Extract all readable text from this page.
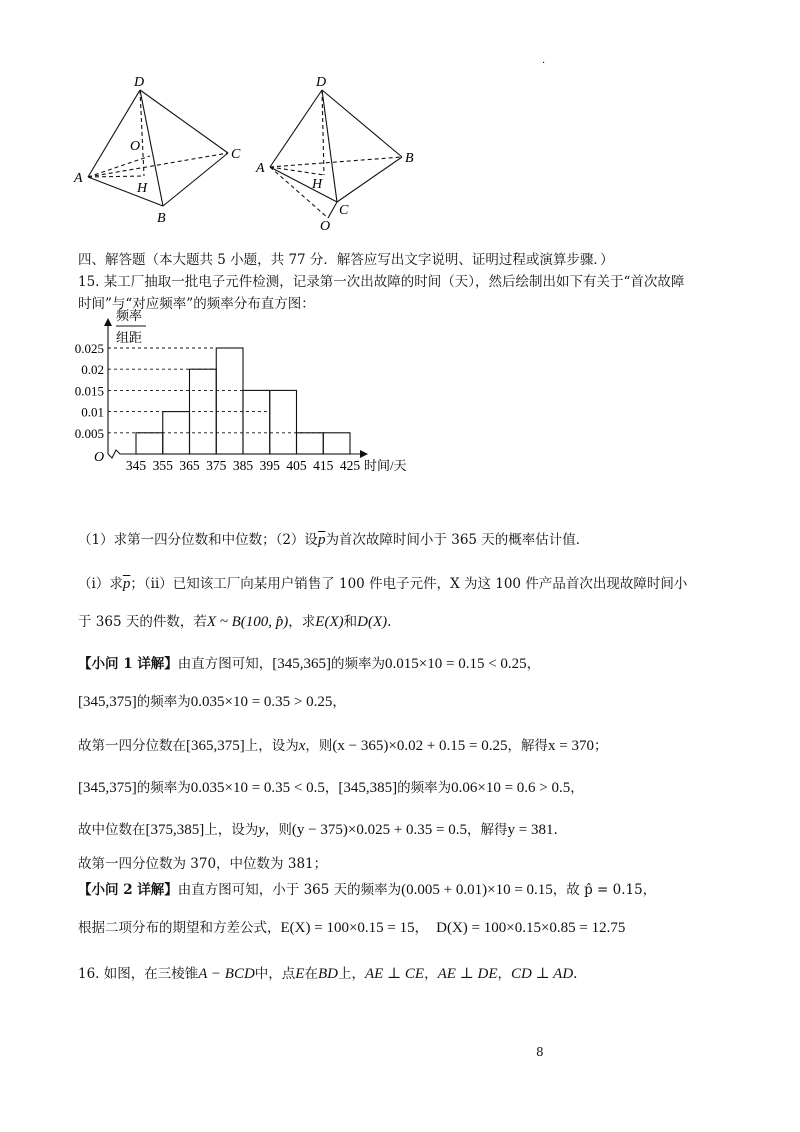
·
D
O
C
A
H
B
D
B
A
H
C
O
四、解答题（本大题共 5 小题，共 77 分．解答应写出文字说明、证明过程或演算步骤．）
15. 某工厂抽取一批电子元件检测，记录第一次出故障的时间（天），然后绘制出如下有关于“首次故障
时间”与“对应频率”的频率分布直方图：
0.025
0.02
0.015
0.01
0.005
345 355 365 375 385 395 405 415 425
频率
组距
O
时间/天
（1）求第一四分位数和中位数；（2）设$\overline{p}$为首次故障时间小于 365 天的概率估计值．
（ⅰ）求$\overline{p}$；（ⅱ）已知该工厂向某用户销售了 100 件电子元件，X 为这 100 件产品首次出现故障时间小
于 365 天的件数，若X ~ B(100, p̂)，求E(X)和D(X).
【小问 1 详解】由直方图可知，[345,365]的频率为0.015×10 = 0.15 < 0.25，
[345,375]的频率为0.035×10 = 0.35 > 0.25，
故第一四分位数在[365,375]上，设为x，则(x − 365)×0.02 + 0.15 = 0.25，解得x = 370；
[345,375]的频率为0.035×10 = 0.35 < 0.5，[345,385]的频率为0.06×10 = 0.6 > 0.5，
故中位数在[375,385]上，设为y，则(y − 375)×0.025 + 0.35 = 0.5，解得y = 381.
故第一四分位数为 370，中位数为 381；
【小问 2 详解】由直方图可知，小于 365 天的频率为(0.005 + 0.01)×10 = 0.15，故 p̂ = 0.15，
根据二项分布的期望和方差公式，E(X) = 100×0.15 = 15， D(X) = 100×0.15×0.85 = 12.75
16. 如图，在三棱锥A − BCD中，点E在BD上，AE ⊥ CE，AE ⊥ DE，CD ⊥ AD.
8
